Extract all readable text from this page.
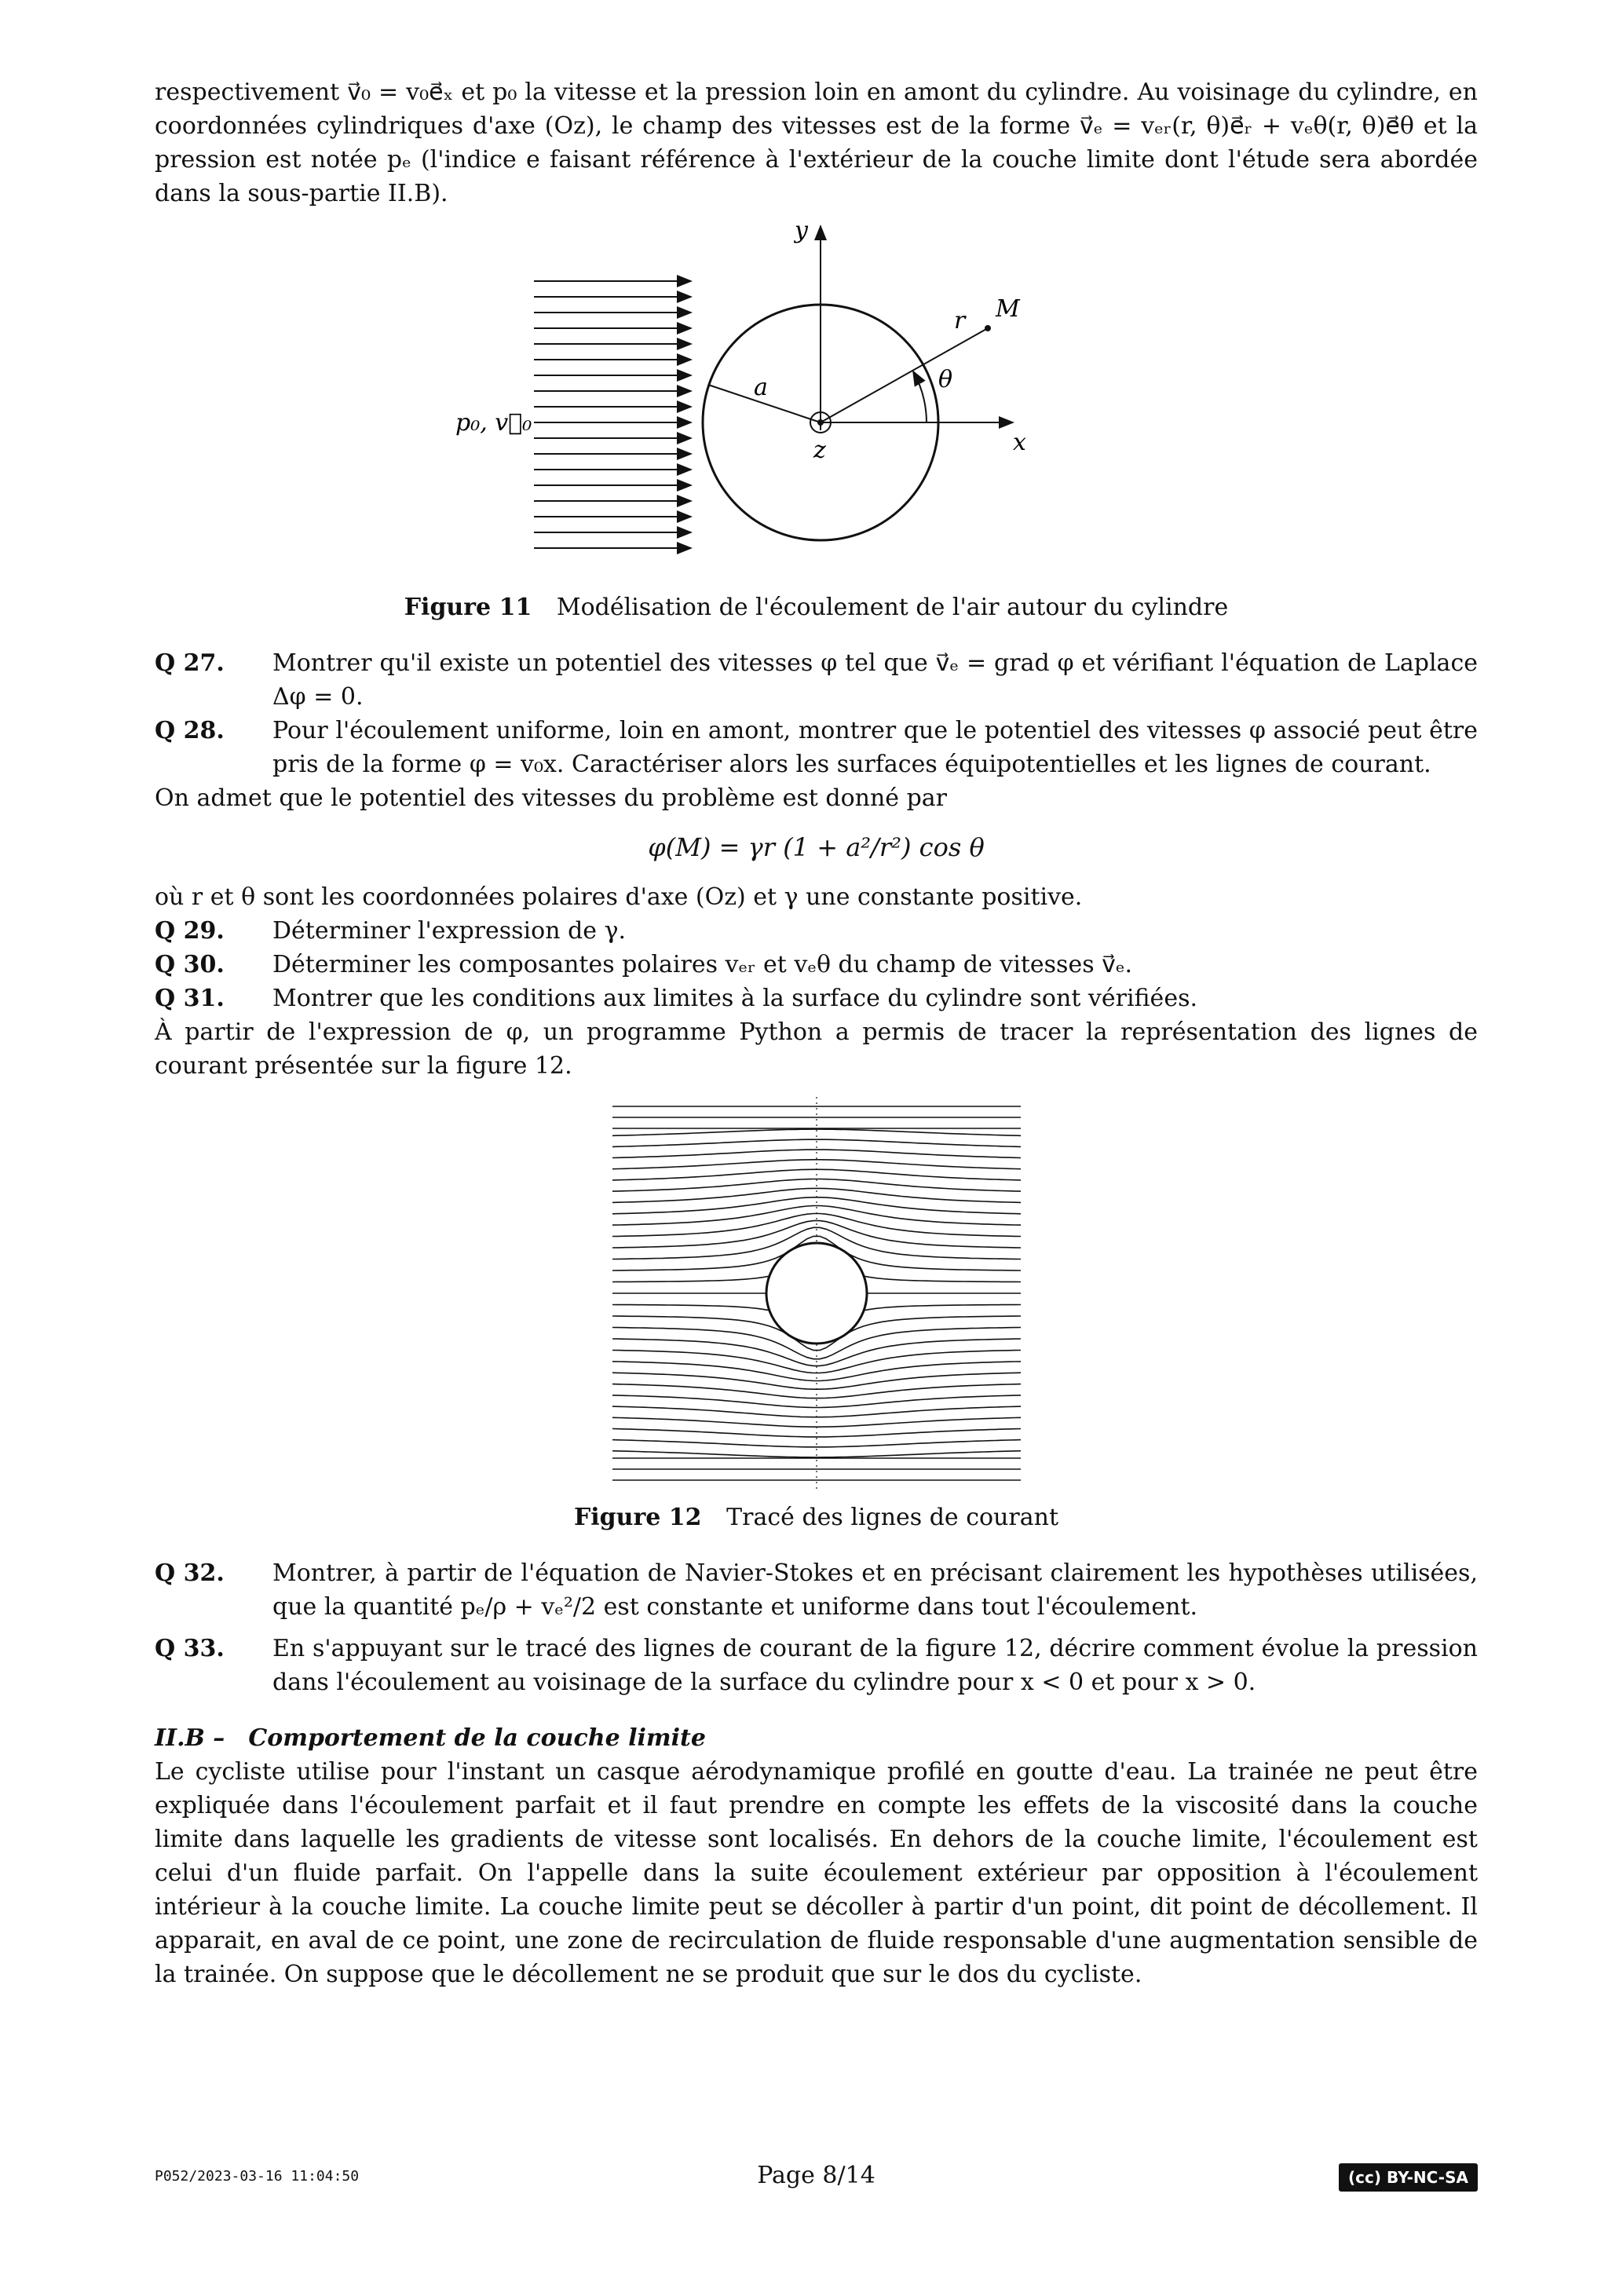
respectivement v⃗₀ = v₀e⃗ₓ et p₀ la vitesse et la pression loin en amont du cylindre. Au voisinage du cylindre, en coordonnées cylindriques d'axe (Oz), le champ des vitesses est de la forme v⃗ₑ = vₑᵣ(r, θ)e⃗ᵣ + vₑθ(r, θ)e⃗θ et la pression est notée pₑ (l'indice e faisant référence à l'extérieur de la couche limite dont l'étude sera abordée dans la sous-partie II.B).

p₀, v⃗₀
y
x
z
a
r M
θ
Figure 11 Modélisation de l'écoulement de l'air autour du cylindre
Q 27.	Montrer qu'il existe un potentiel des vitesses φ tel que v⃗ₑ = grad φ et vérifiant l'équation de Laplace Δφ = 0.
Q 28.	Pour l'écoulement uniforme, loin en amont, montrer que le potentiel des vitesses φ associé peut être pris de la forme φ = v₀x. Caractériser alors les surfaces équipotentielles et les lignes de courant.

On admet que le potentiel des vitesses du problème est donné par

φ(M) = γr (1 + a²/r²) cos θ

où r et θ sont les coordonnées polaires d'axe (Oz) et γ une constante positive.

Q 29.	Déterminer l'expression de γ.
Q 30.	Déterminer les composantes polaires vₑᵣ et vₑθ du champ de vitesses v⃗ₑ.
Q 31.	Montrer que les conditions aux limites à la surface du cylindre sont vérifiées.

À partir de l'expression de φ, un programme Python a permis de tracer la représentation des lignes de courant présentée sur la figure 12.

Figure 12 Tracé des lignes de courant
Q 32.	Montrer, à partir de l'équation de Navier-Stokes et en précisant clairement les hypothèses utilisées, que la quantité pₑ/ρ + vₑ²/2 est constante et uniforme dans tout l'écoulement.
Q 33.	En s'appuyant sur le tracé des lignes de courant de la figure 12, décrire comment évolue la pression dans l'écoulement au voisinage de la surface du cylindre pour x < 0 et pour x > 0.
II.B – Comportement de la couche limite

Le cycliste utilise pour l'instant un casque aérodynamique profilé en goutte d'eau. La trainée ne peut être expliquée dans l'écoulement parfait et il faut prendre en compte les effets de la viscosité dans la couche limite dans laquelle les gradients de vitesse sont localisés. En dehors de la couche limite, l'écoulement est celui d'un fluide parfait. On l'appelle dans la suite écoulement extérieur par opposition à l'écoulement intérieur à la couche limite. La couche limite peut se décoller à partir d'un point, dit point de décollement. Il apparait, en aval de ce point, une zone de recirculation de fluide responsable d'une augmentation sensible de la trainée. On suppose que le décollement ne se produit que sur le dos du cycliste.

P052/2023-03-16 11:04:50	Page 8/14	(cc) BY-NC-SA
